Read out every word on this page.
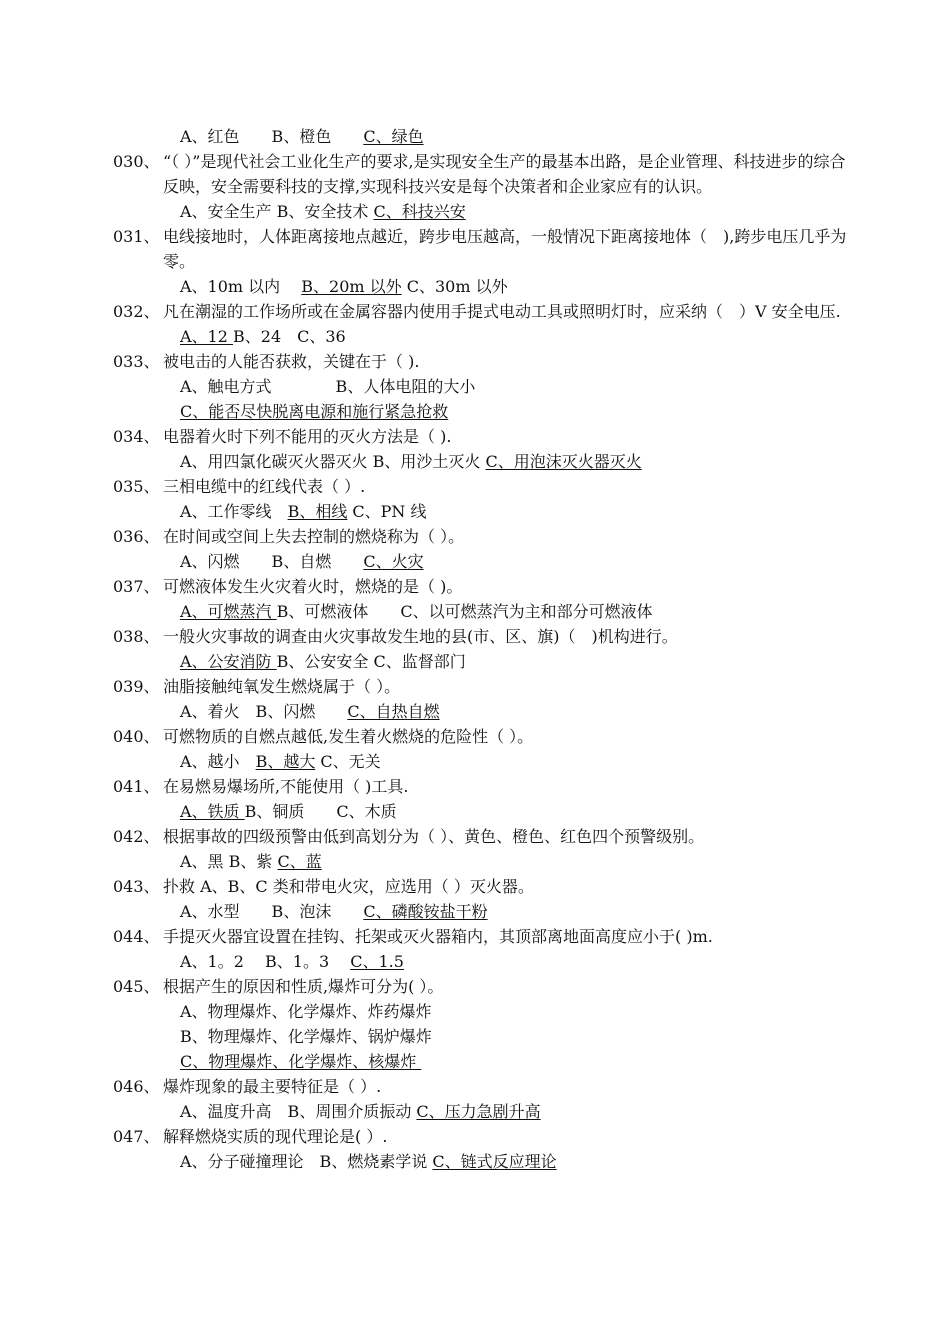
A、红色　　B、橙色　　C、绿色
030、 “（ ）”是现代社会工业化生产的要求,是实现安全生产的最基本出路，是企业管理、科技进步的综合反映，安全需要科技的支撑,实现科技兴安是每个决策者和企业家应有的认识。
A、安全生产 B、安全技术 C、科技兴安
031、 电线接地时，人体距离接地点越近，跨步电压越高，一般情况下距离接地体（　),跨步电压几乎为零。
A、10m 以内　 B、20m 以外 C、30m 以外
032、 凡在潮湿的工作场所或在金属容器内使用手提式电动工具或照明灯时，应采纳（　）V 安全电压.
A、12 B、24　C、36
033、 被电击的人能否获救，关键在于（ ).
A、触电方式　　　　B、人体电阻的大小
C、能否尽快脱离电源和施行紧急抢救
034、 电器着火时下列不能用的灭火方法是（ ).
A、用四氯化碳灭火器灭火 B、用沙土灭火 C、用泡沫灭火器灭火
035、 三相电缆中的红线代表（ ）.
A、工作零线　B、相线 C、PN 线
036、 在时间或空间上失去控制的燃烧称为（ ）。
A、闪燃　　B、自燃　　C、火灾
037、 可燃液体发生火灾着火时，燃烧的是（ )。
A、可燃蒸汽 B、可燃液体　　C、以可燃蒸汽为主和部分可燃液体
038、 一般火灾事故的调查由火灾事故发生地的县(市、区、旗)（　)机构进行。
A、公安消防 B、公安安全 C、监督部门
039、 油脂接触纯氧发生燃烧属于（ ）。
A、着火　B、闪燃　　C、自热自燃
040、 可燃物质的自燃点越低,发生着火燃烧的危险性（ ）。
A、越小　B、越大 C、无关
041、 在易燃易爆场所,不能使用（ )工具.
A、铁质 B、铜质　　C、木质
042、 根据事故的四级预警由低到高划分为（ ）、黄色、橙色、红色四个预警级别。
A、黑 B、紫 C、蓝
043、 扑救 A、B、C 类和带电火灾，应选用（ ）灭火器。
A、水型　　B、泡沫　　C、磷酸铵盐干粉
044、 手提灭火器宜设置在挂钩、托架或灭火器箱内，其顶部离地面高度应小于( )m.
A、1。2　 B、1。3　 C、1.5
045、 根据产生的原因和性质,爆炸可分为( ）。
A、物理爆炸、化学爆炸、炸药爆炸
B、物理爆炸、化学爆炸、锅炉爆炸
C、物理爆炸、化学爆炸、核爆炸
046、 爆炸现象的最主要特征是（ ）.
A、温度升高　B、周围介质振动 C、压力急剧升高
047、 解释燃烧实质的现代理论是( ）.
A、分子碰撞理论　B、燃烧素学说 C、链式反应理论
